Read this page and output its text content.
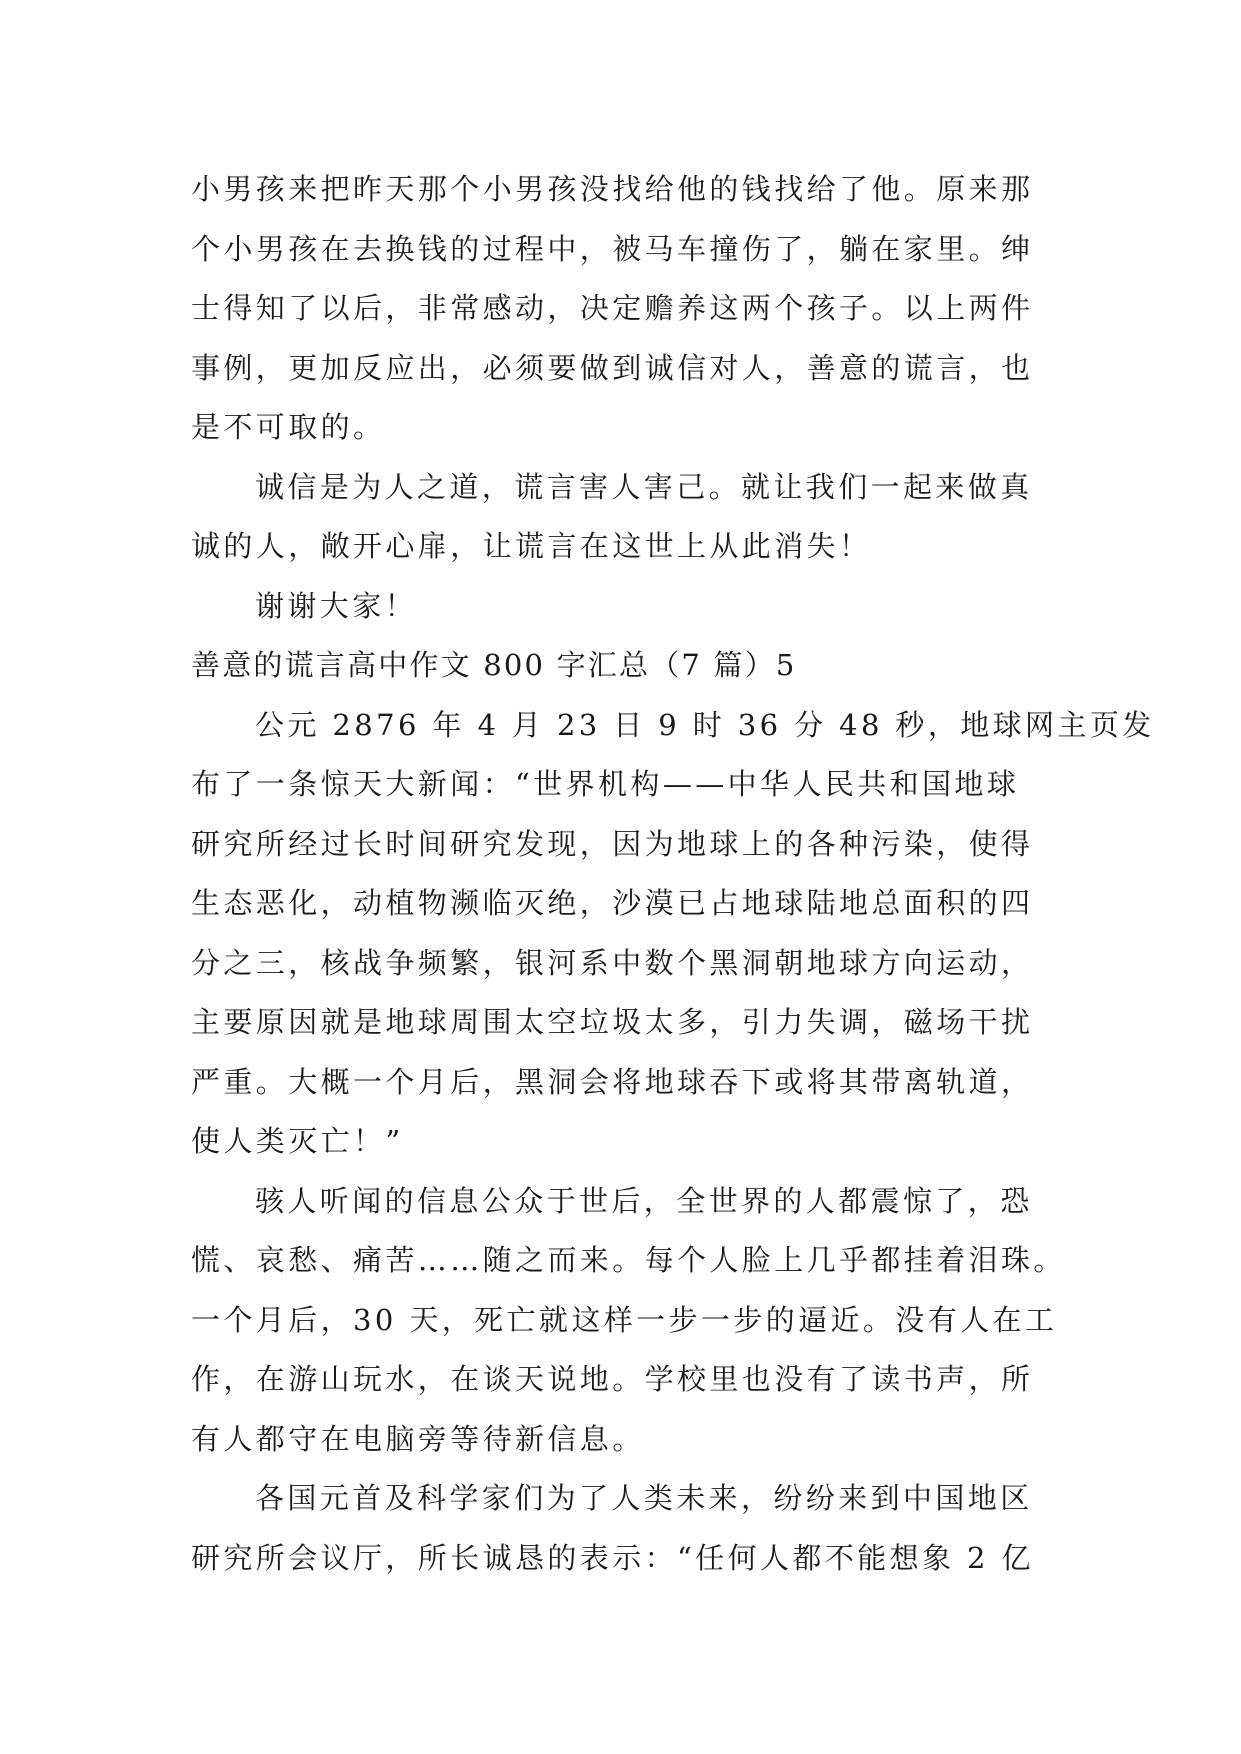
小男孩来把昨天那个小男孩没找给他的钱找给了他。原来那
个小男孩在去换钱的过程中，被马车撞伤了，躺在家里。绅
士得知了以后，非常感动，决定赡养这两个孩子。以上两件
事例，更加反应出，必须要做到诚信对人，善意的谎言，也
是不可取的。
诚信是为人之道，谎言害人害己。就让我们一起来做真
诚的人，敞开心扉，让谎言在这世上从此消失！
谢谢大家！
善意的谎言高中作文 800 字汇总（7 篇）5
公元 2876 年 4 月 23 日 9 时 36 分 48 秒，地球网主页发
布了一条惊天大新闻：“世界机构——中华人民共和国地球
研究所经过长时间研究发现，因为地球上的各种污染，使得
生态恶化，动植物濒临灭绝，沙漠已占地球陆地总面积的四
分之三，核战争频繁，银河系中数个黑洞朝地球方向运动，
主要原因就是地球周围太空垃圾太多，引力失调，磁场干扰
严重。大概一个月后，黑洞会将地球吞下或将其带离轨道，
使人类灭亡！”
骇人听闻的信息公众于世后，全世界的人都震惊了，恐
慌、哀愁、痛苦……随之而来。每个人脸上几乎都挂着泪珠。
一个月后，30 天，死亡就这样一步一步的逼近。没有人在工
作，在游山玩水，在谈天说地。学校里也没有了读书声，所
有人都守在电脑旁等待新信息。
各国元首及科学家们为了人类未来，纷纷来到中国地区
研究所会议厅，所长诚恳的表示：“任何人都不能想象 2 亿
